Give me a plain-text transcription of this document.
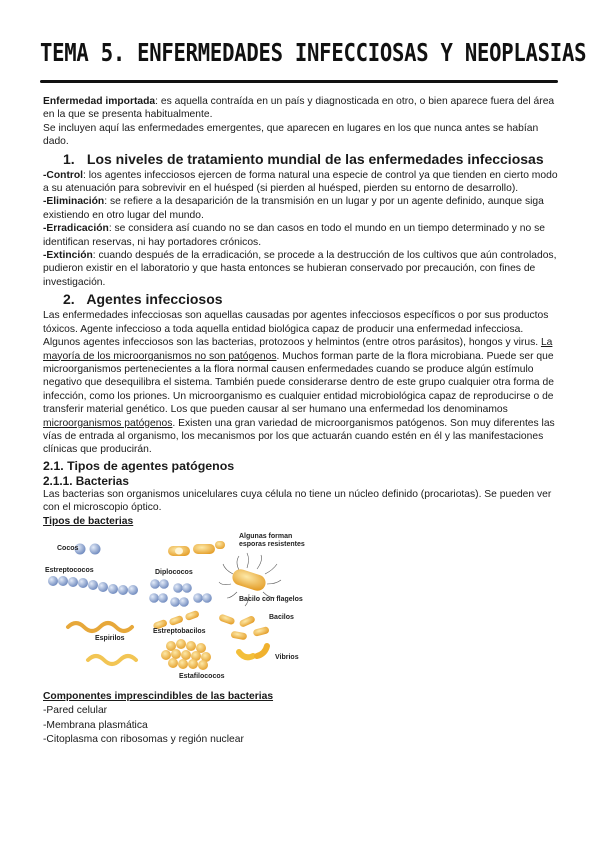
TEMA 5. ENFERMEDADES INFECCIOSAS Y NEOPLASIAS

Enfermedad importada: es aquella contraída en un país y diagnosticada en otro, o bien aparece fuera del área en la que se presenta habitualmente.

Se incluyen aquí las enfermedades emergentes, que aparecen en lugares en los que nunca antes se habían dado.

1. Los niveles de tratamiento mundial de las enfermedades infecciosas

-Control: los agentes infecciosos ejercen de forma natural una especie de control ya que tienden en cierto modo a su atenuación para sobrevivir en el huésped (si pierden al huésped, pierden su entorno de desarrollo).

-Eliminación: se refiere a la desaparición de la transmisión en un lugar y por un agente definido, aunque siga existiendo en otro lugar del mundo.

-Erradicación: se considera así cuando no se dan casos en todo el mundo en un tiempo determinado y no se identifican reservas, ni hay portadores crónicos.

-Extinción: cuando después de la erradicación, se procede a la destrucción de los cultivos que aún controlados, pudieron existir en el laboratorio y que hasta entonces se hubieran conservado por precaución, con fines de investigación.

2. Agentes infecciosos

Las enfermedades infecciosas son aquellas causadas por agentes infecciosos específicos o por sus productos tóxicos. Agente infeccioso a toda aquella entidad biológica capaz de producir una enfermedad infecciosa. Algunos agentes infecciosos son las bacterias, protozoos y helmintos (entre otros parásitos), hongos y virus. La mayoría de los microorganismos no son patógenos. Muchos forman parte de la flora microbiana. Puede ser que microorganismos pertenecientes a la flora normal causen enfermedades cuando se produce algún estímulo negativo que desequilibra el sistema. También puede considerarse dentro de este grupo cualquier otra forma de infección, como los priones. Un microorganismo es cualquier entidad microbiológica capaz de reproducirse o de transferir material genético. Los que pueden causar al ser humano una enfermedad los denominamos microorganismos patógenos. Existen una gran variedad de microorganismos patógenos. Son muy diferentes las vías de entrada al organismo, los mecanismos por los que actuarán cuando estén en él y las manifestaciones clínicas que producirán.

2.1. Tipos de agentes patógenos

2.1.1. Bacterias

Las bacterias son organismos unicelulares cuya célula no tiene un núcleo definido (procariotas). Se pueden ver con el microscopio óptico.

Tipos de bacterias

Cocos
Algunas forman esporas resistentes
Estreptococos	Diplococos
Bacilo con flagelos
Bacilos
Espirilos
Estreptobacilos
Vibrios
Estafilococos

Componentes imprescindibles de las bacterias

-Pared celular

-Membrana plasmática

-Citoplasma con ribosomas y región nuclear
